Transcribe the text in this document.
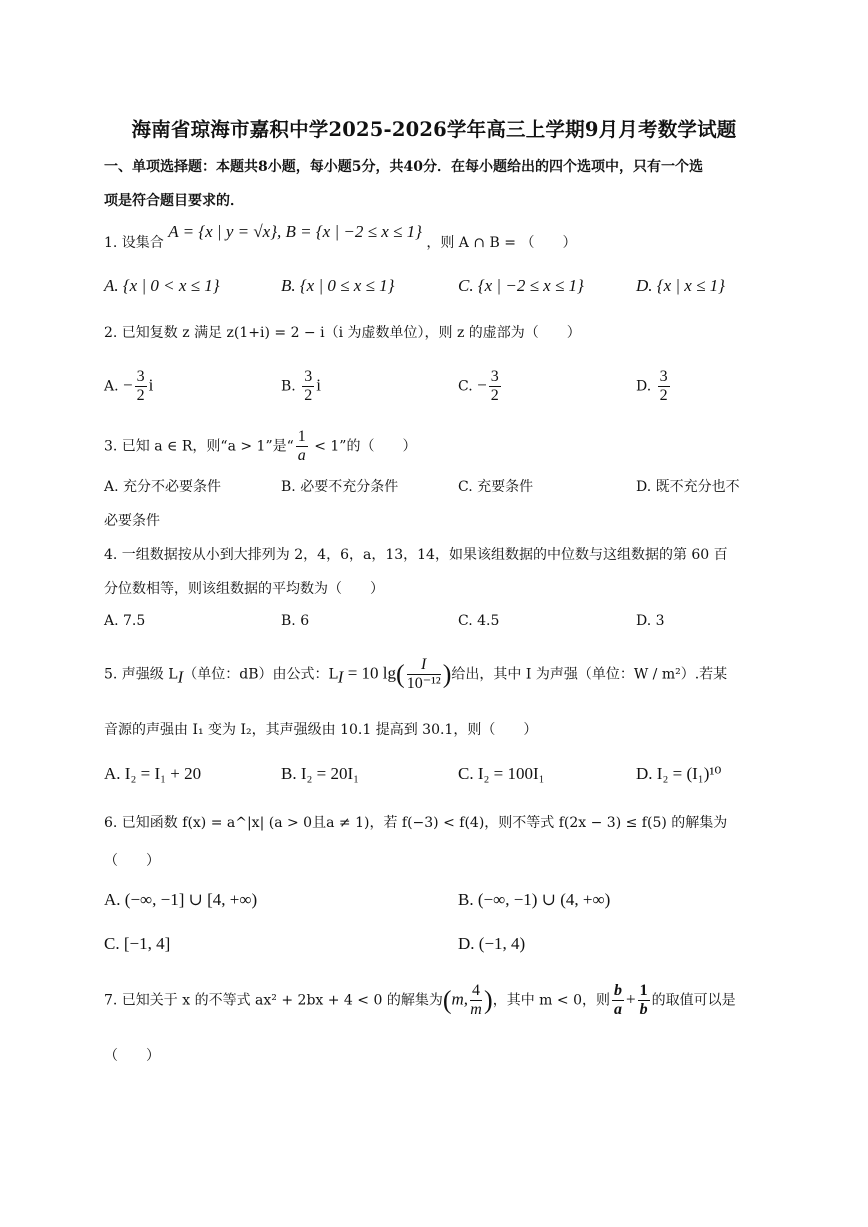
海南省琼海市嘉积中学2025-2026学年高三上学期9月月考数学试题
一、单项选择题：本题共8小题，每小题5分，共40分．在每小题给出的四个选项中，只有一个选
项是符合题目要求的．
1. 设集合 A = {x | y = √x}, B = {x | −2 ≤ x ≤ 1} ，则 A ∩ B = （　　）
A. {x | 0 < x ≤ 1}	B. {x | 0 ≤ x ≤ 1}	C. {x | −2 ≤ x ≤ 1}	D. {x | x ≤ 1}
2. 已知复数 z 满足 z(1+i) = 2 − i（i 为虚数单位），则 z 的虚部为（　　）
A. − $\frac{3}{2}$ i	B. $\frac{3}{2}$ i	C. − $\frac{3}{2}$	D. $\frac{3}{2}$
3. 已知 a ∈ R，则“a > 1”是“ $\frac{1}{a} < 1$”的（　　）
A. 充分不必要条件	B. 必要不充分条件	C. 充要条件	D. 既不充分也不
必要条件
4. 一组数据按从小到大排列为 2，4，6，a，13，14，如果该组数据的中位数与这组数据的第 60 百
分位数相等，则该组数据的平均数为（　　）
A. 7.5	B. 6	C. 4.5	D. 3
5. 声强级 $L_I$（单位：dB）由公式：$L_I = 10$ $\lg( \frac{I}{\text{10⁻¹²}}$ )给出，其中 I 为声强（单位：W / m²）.若某
音源的声强由 I₁ 变为 I₂，其声强级由 10.1 提高到 30.1，则（　　）
A. I₂ = I₁ + 20	B. I₂ = 20I₁	C. I₂ = 100I₁	D. I₂ = (I₁)¹⁰
6. 已知函数 f(x) = a^|x| (a > 0且a ≠ 1)，若 f(−3) < f(4)，则不等式 f(2x − 3) ≤ f(5) 的解集为
（　　）
A. (−∞, −1] ∪ [4, +∞)	B. (−∞, −1) ∪ (4, +∞)
C. [−1, 4]	D. (−1, 4)
7. 已知关于 x 的不等式 ax² + 2bx + 4 < 0 的解集为(m, $\frac{4}{m}$ )，其中 m < 0，则 $\frac{b}{a} + \frac{1}{b}$ 的取值可以是
（　　）
